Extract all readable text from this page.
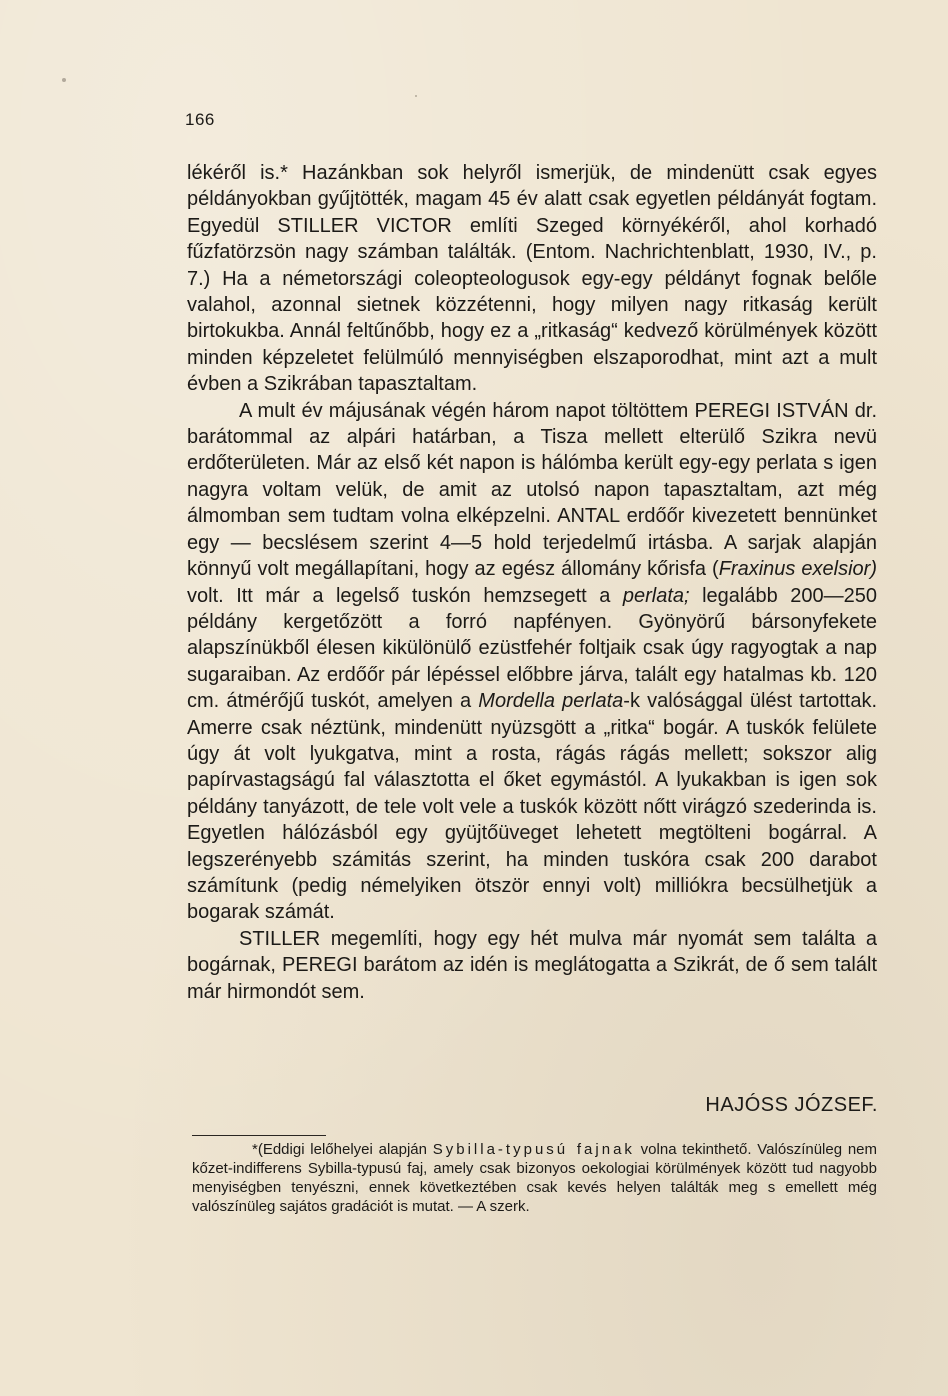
166

lékéről is.* Hazánkban sok helyről ismerjük, de mindenütt csak egyes példányokban gyűjtötték, magam 45 év alatt csak egyetlen példányát fogtam. Egyedül STILLER VICTOR említi Szeged környékéről, ahol korhadó fűzfatörzsön nagy számban találták. (Entom. Nachrichtenblatt, 1930, IV., p. 7.) Ha a németországi coleopteologusok egy-egy példányt fognak belőle valahol, azonnal sietnek közzétenni, hogy milyen nagy ritkaság került birtokukba. Annál feltűnőbb, hogy ez a „ritkaság“ kedvező körülmények között minden képzeletet felülmúló mennyiségben elszaporodhat, mint azt a mult évben a Szikrában tapasztaltam.

A mult év májusának végén három napot töltöttem PEREGI ISTVÁN dr. barátommal az alpári határban, a Tisza mellett elterülő Szikra nevü erdőterületen. Már az első két napon is hálómba került egy-egy perlata s igen nagyra voltam velük, de amit az utolsó napon tapasztaltam, azt még álmomban sem tudtam volna elképzelni. ANTAL erdőőr kivezetett bennünket egy — becslésem szerint 4—5 hold terjedelmű irtásba. A sarjak alapján könnyű volt megállapítani, hogy az egész állomány kőrisfa (Fraxinus exelsior) volt. Itt már a legelső tuskón hemzsegett a perlata; legalább 200—250 példány kergetőzött a forró napfényen. Gyönyörű bársonyfekete alapszínükből élesen kikülönülő ezüstfehér foltjaik csak úgy ragyogtak a nap sugaraiban. Az erdőőr pár lépéssel előbbre járva, talált egy hatalmas kb. 120 cm. átmérőjű tuskót, amelyen a Mordella perlata-k valósággal ülést tartottak. Amerre csak néztünk, mindenütt nyüzsgött a „ritka“ bogár. A tuskók felülete úgy át volt lyukgatva, mint a rosta, rágás rágás mellett; sokszor alig papírvastagságú fal választotta el őket egymástól. A lyukakban is igen sok példány tanyázott, de tele volt vele a tuskók között nőtt virágzó szederinda is. Egyetlen hálózásból egy gyüjtőüveget lehetett megtölteni bogárral. A legszerényebb számitás szerint, ha minden tuskóra csak 200 darabot számítunk (pedig némelyiken ötször ennyi volt) milliókra becsülhetjük a bogarak számát.

STILLER megemlíti, hogy egy hét mulva már nyomát sem találta a bogárnak, PEREGI barátom az idén is meglátogatta a Szikrát, de ő sem talált már hirmondót sem.

HAJÓSS JÓZSEF.

*(Eddigi lelőhelyei alapján Sybilla-typusú fajnak volna tekinthető. Valószínüleg nem kőzet-indifferens Sybilla-typusú faj, amely csak bizonyos oekologiai körülmények között tud nagyobb menyiségben tenyészni, ennek következtében csak kevés helyen találták meg s emellett még valószínüleg sajátos gradációt is mutat. — A szerk.
